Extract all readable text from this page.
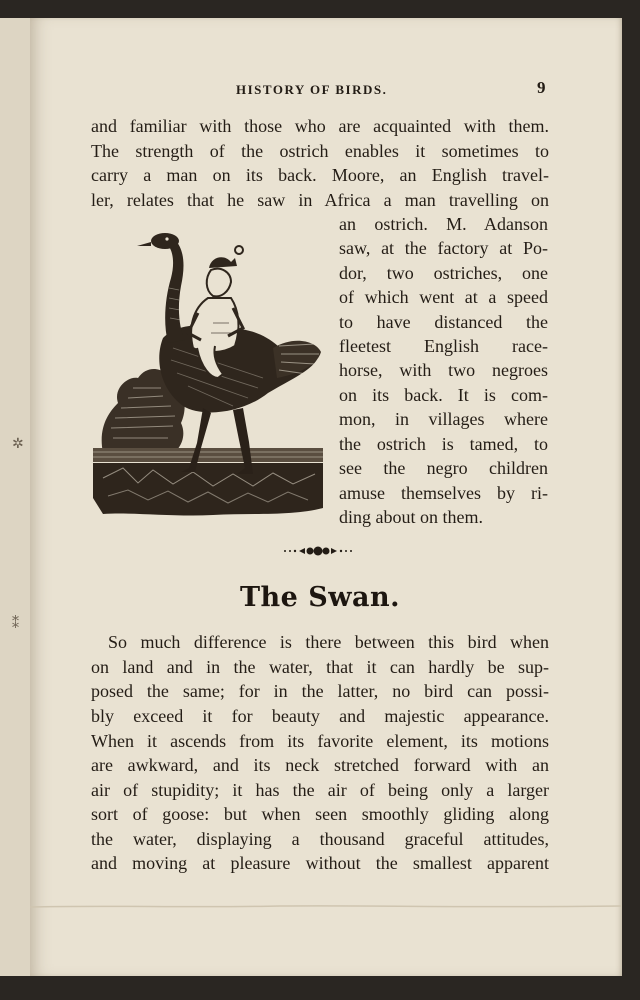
✲
⁑
HISTORY OF BIRDS.	9
and familiar with those who are acquainted with them.
The strength of the ostrich enables it sometimes to
carry a man on its back. Moore, an English travel-
ler, relates that he saw in Africa a man travelling on
an ostrich. M. Adanson
saw, at the factory at Po-
dor, two ostriches, one
of which went at a speed
to have distanced the
fleetest English race-
horse, with two negroes
on its back. It is com-
mon, in villages where
the ostrich is tamed, to
see the negro children
amuse themselves by ri-
ding about on them.
The Swan.
So much difference is there between this bird when
on land and in the water, that it can hardly be sup-
posed the same; for in the latter, no bird can possi-
bly exceed it for beauty and majestic appearance.
When it ascends from its favorite element, its motions
are awkward, and its neck stretched forward with an
air of stupidity; it has the air of being only a larger
sort of goose: but when seen smoothly gliding along
the water, displaying a thousand graceful attitudes,
and moving at pleasure without the smallest apparent
